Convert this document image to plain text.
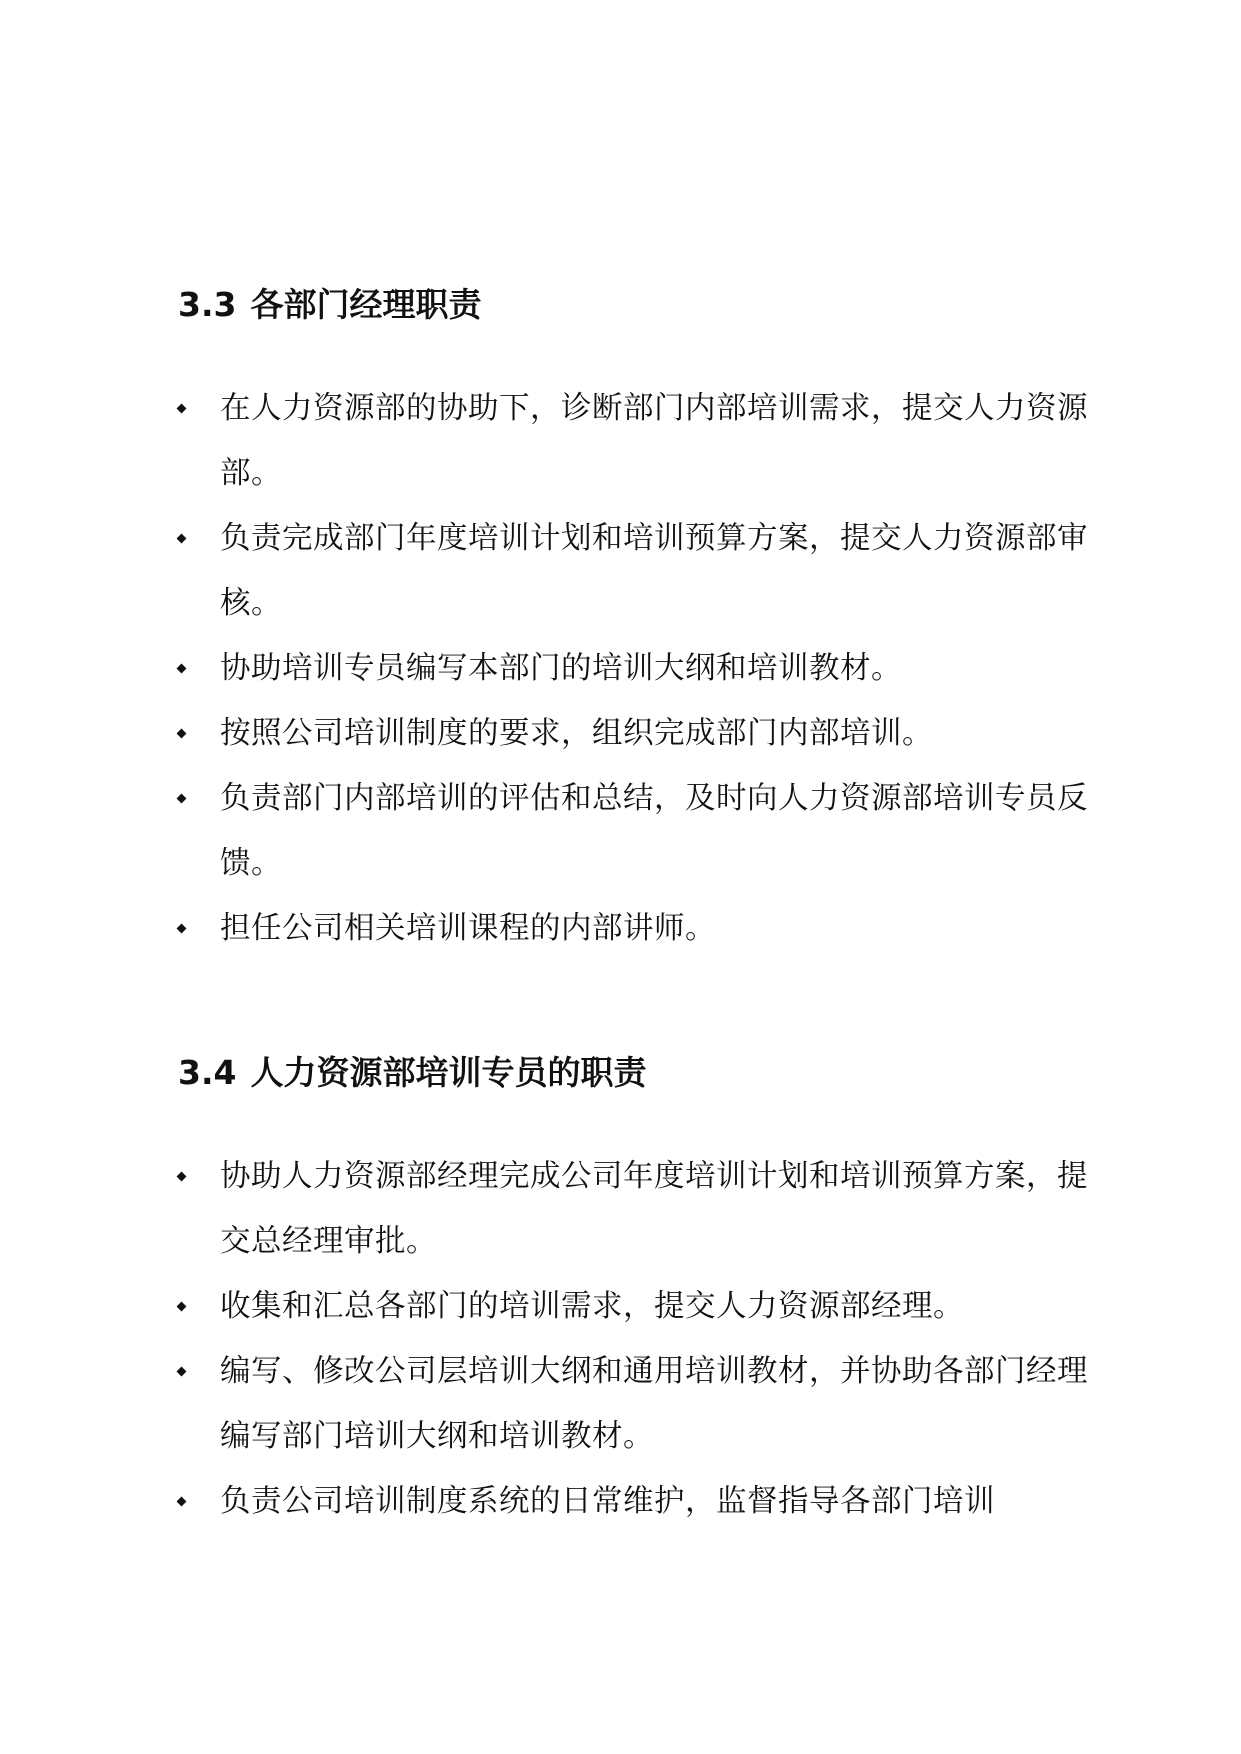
3.3 各部门经理职责
在人力资源部的协助下，诊断部门内部培训需求，提交人力资源部。
负责完成部门年度培训计划和培训预算方案，提交人力资源部审核。
协助培训专员编写本部门的培训大纲和培训教材。
按照公司培训制度的要求，组织完成部门内部培训。
负责部门内部培训的评估和总结，及时向人力资源部培训专员反馈。
担任公司相关培训课程的内部讲师。
3.4 人力资源部培训专员的职责
协助人力资源部经理完成公司年度培训计划和培训预算方案，提交总经理审批。
收集和汇总各部门的培训需求，提交人力资源部经理。
编写、修改公司层培训大纲和通用培训教材，并协助各部门经理编写部门培训大纲和培训教材。
负责公司培训制度系统的日常维护，监督指导各部门培训
